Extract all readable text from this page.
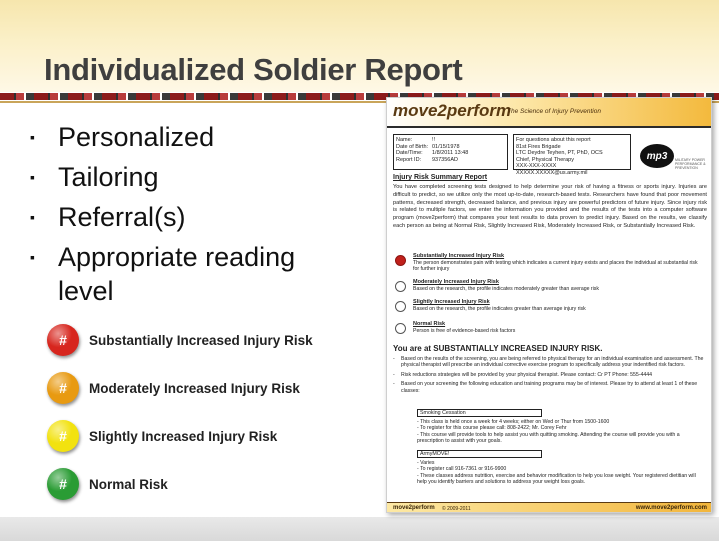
Individualized Soldier Report
▪ Personalized
▪ Tailoring
▪ Referral(s)
▪ Appropriate reading level
#	Substantially Increased Injury Risk
#	Moderately Increased Injury Risk
#	Slightly Increased Injury Risk
#	Normal Risk
move2perform
The Science of Injury Prevention
Name:	!!
Date of Birth: 01/15/1978
Date/Time:	1/8/2011 13:48
Report ID:	937356AD
For questions about this report
81st Fires Brigade
LTC Deydre Teyhen, PT, PhD, OCS
Chief, Physical Therapy
XXX-XXX-XXXX
XXXXX.XXXXX@us.army.mil
mp3	MILITARY POWER PERFORMANCE & PREVENTION
Injury Risk Summary Report
You have completed screening tests designed to help determine your risk of having a fitness or sports injury. Injuries are difficult to predict, so we utilize only the most up-to-date, research-based tests. Researchers have found that poor movement patterns, decreased strength, decreased balance, and previous injury are powerful predictors of future injury. Since injury risk is related to multiple factors, we enter the information you provided and the results of the tests into a computer software program (move2perform) that compares your test results to data proven to predict injury. Based on the results, we classify each person as being at Normal Risk, Slightly Increased Risk, Moderately Increased Risk, or Substantially Increased Risk.
Substantially Increased Injury Risk
The person demonstrates pain with testing which indicates a current injury exists and places the individual at substantial risk for further injury
Moderately Increased Injury Risk
Based on the research, the profile indicates moderately greater than average risk
Slightly Increased Injury Risk
Based on the research, the profile indicates greater than average injury risk
Normal Risk
Person is free of evidence-based risk factors
You are at SUBSTANTIALLY INCREASED INJURY RISK.
-	Based on the results of the screening, you are being referred to physical therapy for an individual examination and assessment. The physical therapist will prescribe an individual corrective exercise program to specifically address your indentified risk factors.
-	Risk reductions strategies will be provided by your physical therapist. Please contact: Cr PT Phone: 555-4444
-	Based on your screening the following education and training programs may be of interest. Please try to attend at least 1 of these classes:
Smoking Cessation
- This class is held once a week for 4 weeks; either on Wed or Thur from 1500-1600
- To register for this course please call: 808-2422; Mr. Corey Fehr
- This course will provide tools to help assist you with quitting smoking. Attending the course will provide you with a prescription to assist with your goals.
ArmyMOVE!
- Varies
- To register call 916-7361 or 916-9900
- These classes address nutrition, exercise and behavior modification to help you lose weight. Your registered dietitian will help you identify barriers and solutions to address your weight loss goals.
move2perform © 2009-2011	www.move2perform.com
